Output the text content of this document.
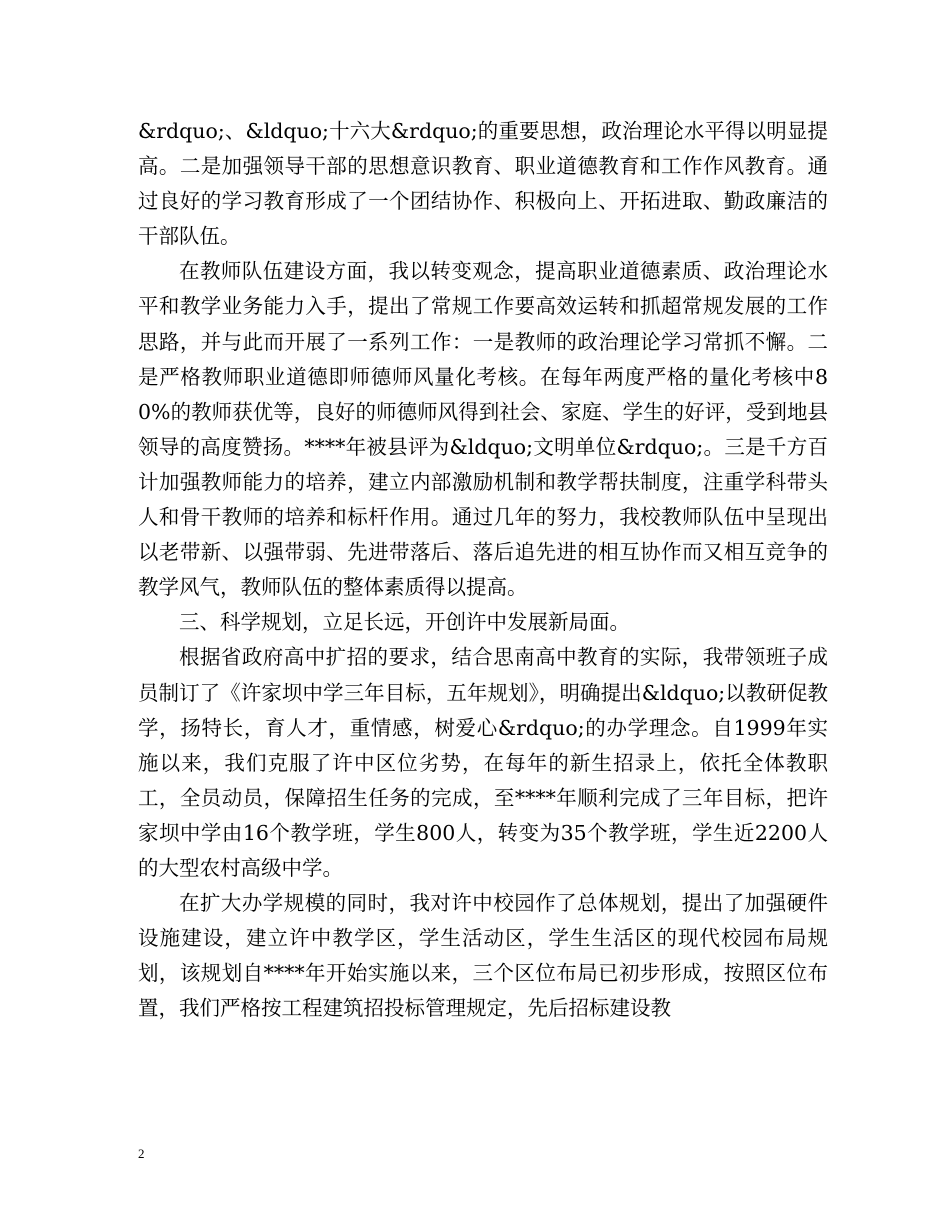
&rdquo;、&ldquo;十六大&rdquo;的重要思想，政治理论水平得以明显提高。二是加强领导干部的思想意识教育、职业道德教育和工作作风教育。通过良好的学习教育形成了一个团结协作、积极向上、开拓进取、勤政廉洁的干部队伍。

在教师队伍建设方面，我以转变观念，提高职业道德素质、政治理论水平和教学业务能力入手，提出了常规工作要高效运转和抓超常规发展的工作思路，并与此而开展了一系列工作：一是教师的政治理论学习常抓不懈。二是严格教师职业道德即师德师风量化考核。在每年两度严格的量化考核中80%的教师获优等，良好的师德师风得到社会、家庭、学生的好评，受到地县领导的高度赞扬。****年被县评为&ldquo;文明单位&rdquo;。三是千方百计加强教师能力的培养，建立内部激励机制和教学帮扶制度，注重学科带头人和骨干教师的培养和标杆作用。通过几年的努力，我校教师队伍中呈现出以老带新、以强带弱、先进带落后、落后追先进的相互协作而又相互竞争的教学风气，教师队伍的整体素质得以提高。

三、科学规划，立足长远，开创许中发展新局面。

根据省政府高中扩招的要求，结合思南高中教育的实际，我带领班子成员制订了《许家坝中学三年目标，五年规划》，明确提出&ldquo;以教研促教学，扬特长，育人才，重情感，树爱心&rdquo;的办学理念。自1999年实施以来，我们克服了许中区位劣势，在每年的新生招录上，依托全体教职工，全员动员，保障招生任务的完成，至****年顺利完成了三年目标，把许家坝中学由16个教学班，学生800人，转变为35个教学班，学生近2200人的大型农村高级中学。

在扩大办学规模的同时，我对许中校园作了总体规划，提出了加强硬件设施建设，建立许中教学区，学生活动区，学生生活区的现代校园布局规划，该规划自****年开始实施以来，三个区位布局已初步形成，按照区位布置，我们严格按工程建筑招投标管理规定，先后招标建设教

2
